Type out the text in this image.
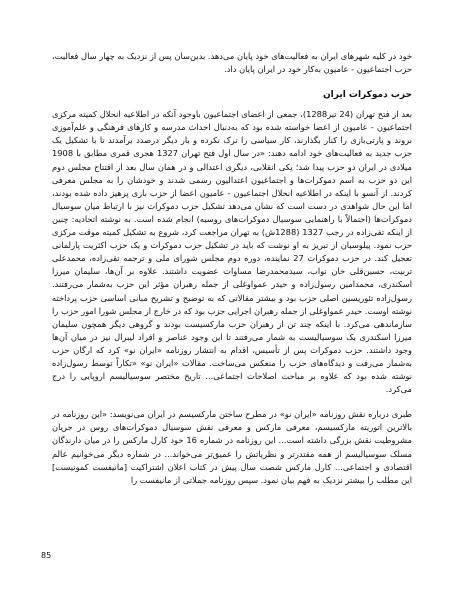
خود در کلیه شهرهای ایران به فعالیت‌های خود پایان می‌دهد. بدین‌سان پس از نزدیک به چهار سال فعالیت، حزب اجتماعیون - عامیون به‌کار خود در ایران پایان داد.

حزب دموکرات ایران

بعد از فتح تهران (24 تیر1288)، جمعی از اعضای اجتماعیون با‌وجود آنکه در اطلاعیه انحلال کمیته مرکزی اجتماعیون - عامیون از اعضا خواسته شده بود که به‌دنبال احداث مدرسه و کارهای فرهنگی و علم‌آموزی بروند و پارتی‌بازی را کنار بگذارند، کار سیاسی را ترک نکرده و بار دیگر درصدد برآمدند تا با تشکیل یک حزب جدید به فعالیت‌های خود ادامه دهند: «در سال اول فتح تهران 1327 هجری قمری مطابق با 1908 میلادی در ایران دو حزب پیدا شد؛ یکی انقلابی، دیگری اعتدالی و در همان سال بعد از افتتاح مجلس دوم این دو حزب به اسم دموکرات‌ها و اجتماعیون اعتدالیون رسمی شدند و خودشان را به مجلس معرفی کردند. از آنسو با اینکه در اطلاعیه انحلال اجتماعیون - عامیون اعضا از حزب بازی پرهیز داده شده بودند، اما این حال شواهدی در دست است که نشان می‌دهد تشکیل حزب دموکرات نیز با ارتباط میان سوسیال دموکرات‌ها (احتمالاً با راهنمایی سوسیال دموکرات‌های روسیه) انجام شده است. به نوشته اتحادیه: چنین از اینکه تقی‌زاده در رجب 1327 (1288ش) به تهران مراجعت کرد، شروع به تشکیل کمیته موقت مرکزی حزب نمود. پیلوسیان از تبریز به او نوشت که باید در تشکیل حزب دموکرات و یک حزب اکثریت پارلمانی تعجیل کند. در حزب دموکرات 27 نماینده، دوره دوم مجلس شورای ملی و ترجمه تقی‌زاده، محمدعلی تربیت، حسین‌قلی خان نواب، سیدمحمدرضا مساوات عضویت داشتند. علاوه بر آن‌ها، سلیمان میرزا اسکندری، محمدامین رسول‌زاده و حیدر عمواوغلی از جمله رهبران مؤثر این حزب به‌شمار می‌رفتند. رسول‌زاده تئوریسین اصلی حزب بود و بیشتر مقالاتی که به توضیح و تشریح مبانی اساسی حزب پرداخته نوشته اوست. حیدر عمواوغلی از جمله رهبران اجرایی حزب بود که در خارج از مجلس شورا امور حزب را سازماندهی می‌کرد. با اینکه چند تن از رهبران حزب مارکسیست بودند و گروهی دیگر همچون سلیمان میرزا اسکندری یک سوسیالیست به شمار می‌رفتند تا این وجود عناصر و افراد لیبرال نیز در میان آن‌ها وجود داشتند. حزب دموکرات پس از تأسیس، اقدام به انتشار روزنامه «ایران نو» کرد که ارگان حزب به‌شمار می‌رفت و دیدگاه‌های حزب را منعکس می‌ساخت. مقالات «ایران نو» «تکاراً توسط رسول‌زاده نوشته شده بود که علاوه بر مباحث اصلاحات اجتماعی... تاریخ مختصر سوسیالیسم اروپایی را درج می‌کرد.

طبری درباره نقش روزنامه «ایران نو» در مطرح ساختن مارکسیسم در ایران می‌نویسد: «این روزنامه در بالاترین اتوریته مارکسیسم، معرفی مارکس و معرفی نقش سوسیال دموکرات‌های روس در جریان مشروطیت نقش بزرگی داشته است... این روزنامه در شماره 16 خود کارل مارکس را در میان دارندگان مسلک سوسیالیسم از همه مقتدرتر و نظریاتش را عمیق‌تر می‌خواند... در شماره دیگر می‌خوانیم عالم اقتصادی و اجتماعی... کارل مارکس شصت سال پیش در کتاب اعلان اشتراکیت [مانیفست کمونیست] این مطلب را بیشتر نزدیک به فهم بیان نمود. سپس روزنامه جملاتی از مانیفست را

85
